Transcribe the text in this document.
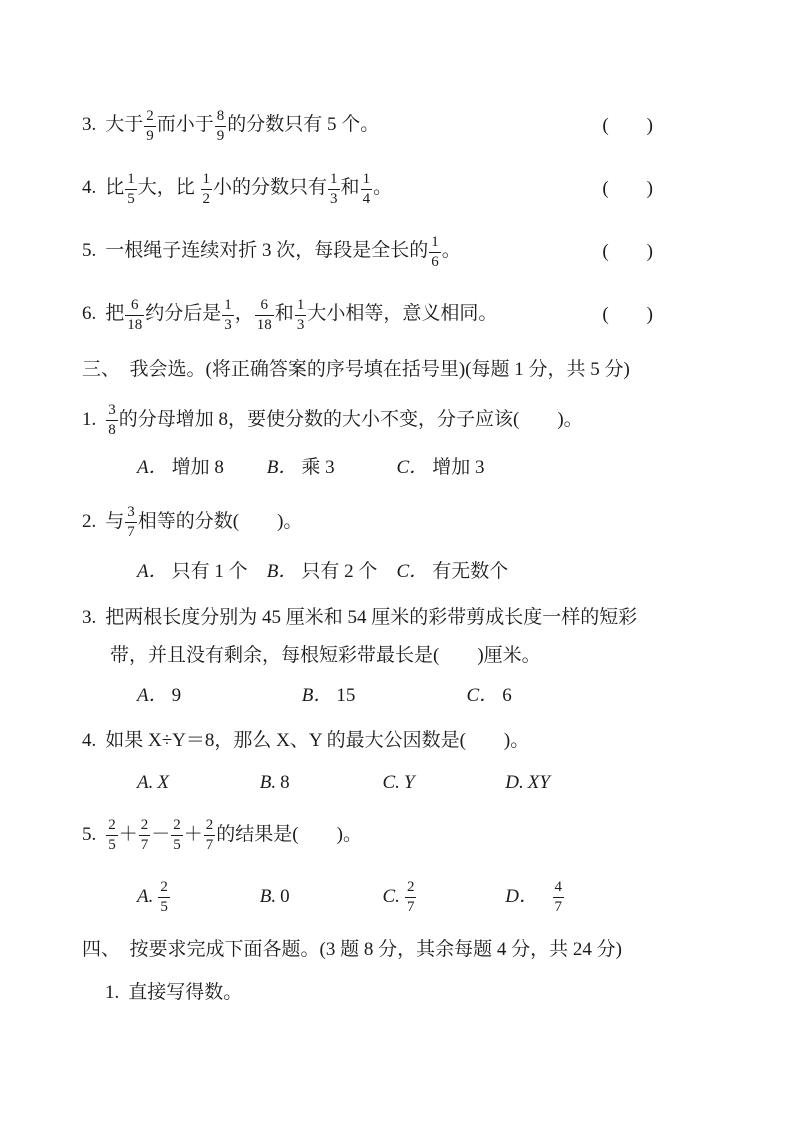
3. 大于 $\frac{2}{9}$ 而小于 $\frac{8}{9}$ 的分数只有 5 个。	(　　)
4. 比 $\frac{1}{5}$ 大，比 $\frac{1}{2}$ 小的分数只有 $\frac{1}{3}$ 和 $\frac{1}{4}$ 。	(　　)
5. 一根绳子连续对折 3 次，每段是全长的 $\frac{1}{6}$ 。	(　　)
6. 把 $\frac{6}{18}$ 约分后是 $\frac{1}{3}$ ， $\frac{6}{18}$ 和 $\frac{1}{3}$ 大小相等，意义相同。	(　　)
三、　我会选。(将正确答案的序号填在括号里)(每题 1 分，共 5 分)
1. $\frac{3}{8}$ 的分母增加 8，要使分数的大小不变，分子应该(　　)。
A． 增加 8 B． 乘 3	C． 增加 3
2. 与 $\frac{3}{7}$ 相等的分数(　　)。
A． 只有 1 个 B． 只有 2 个 C． 有无数个
3. 把两根长度分别为 45 厘米和 54 厘米的彩带剪成长度一样的短彩
带，并且没有剩余，每根短彩带最长是(　　)厘米。
A． 9	B． 15	C． 6
4. 如果 X÷Y＝8，那么 X、Y 的最大公因数是(　　)。
A. X	B. 8	C. Y	D. XY
5. $\frac{2}{5} + \frac{2}{7} - \frac{2}{5} + \frac{2}{7}$ 的结果是(　　)。
A. $\frac{2}{5}$	B. 0	C. $\frac{2}{7}$	D．　 $\frac{4}{7}$
四、　按要求完成下面各题。(3 题 8 分，其余每题 4 分，共 24 分)
1. 直接写得数。
